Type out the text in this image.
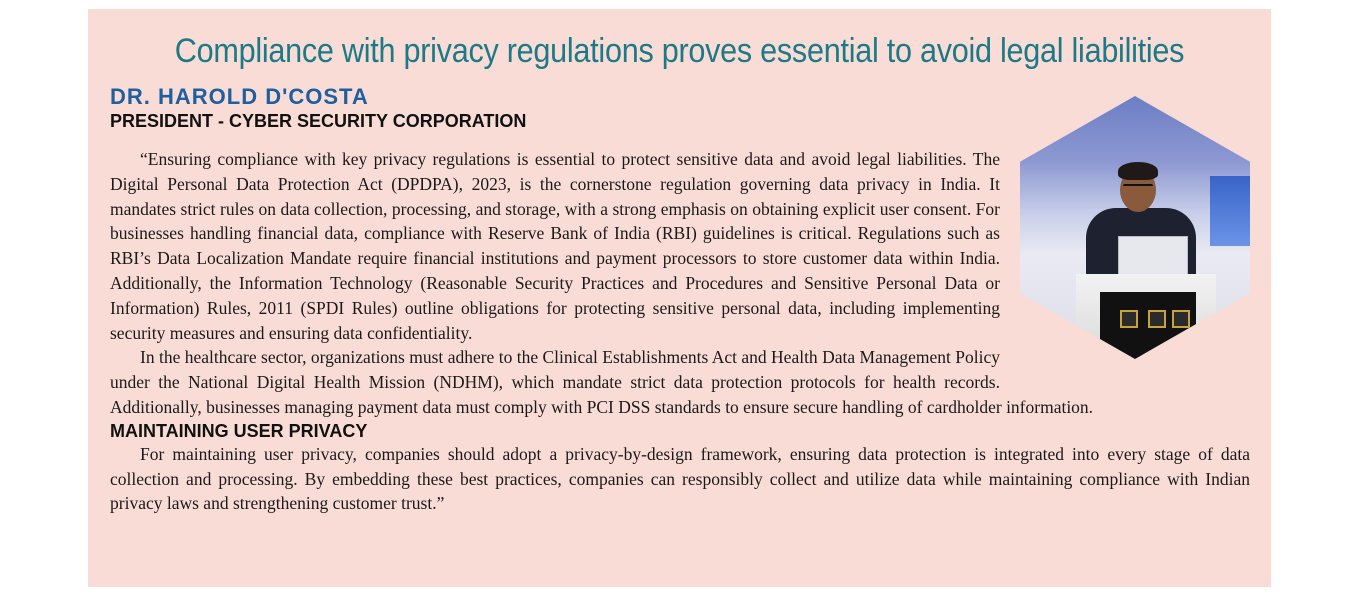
Compliance with privacy regulations proves essential to avoid legal liabilities
DR. HAROLD D'COSTA
PRESIDENT - CYBER SECURITY CORPORATION

“Ensuring compliance with key privacy regulations is essential to protect sensitive data and avoid legal liabilities. The Digital Personal Data Protection Act (DPDPA), 2023, is the cornerstone regulation governing data privacy in India. It mandates strict rules on data collection, processing, and storage, with a strong emphasis on obtaining explicit user consent. For businesses handling financial data, compliance with Reserve Bank of India (RBI) guidelines is critical. Regulations such as RBI’s Data Localization Mandate require financial institutions and payment processors to store customer data within India. Additionally, the Information Technology (Reasonable Security Practices and Procedures and Sensitive Personal Data or Information) Rules, 2011 (SPDI Rules) outline obligations for protecting sensitive personal data, including implementing security measures and ensuring data confidentiality.

In the healthcare sector, organizations must adhere to the Clinical Establishments Act and Health Data Management Policy under the National Digital Health Mission (NDHM), which mandate strict data protection protocols for health records. Additionally, businesses managing payment data must comply with PCI DSS standards to ensure secure handling of cardholder information.

MAINTAINING USER PRIVACY

For maintaining user privacy, companies should adopt a privacy-by-design framework, ensuring data protection is integrated into every stage of data collection and processing. By embedding these best practices, companies can responsibly collect and utilize data while maintaining compliance with Indian privacy laws and strengthening customer trust.”
